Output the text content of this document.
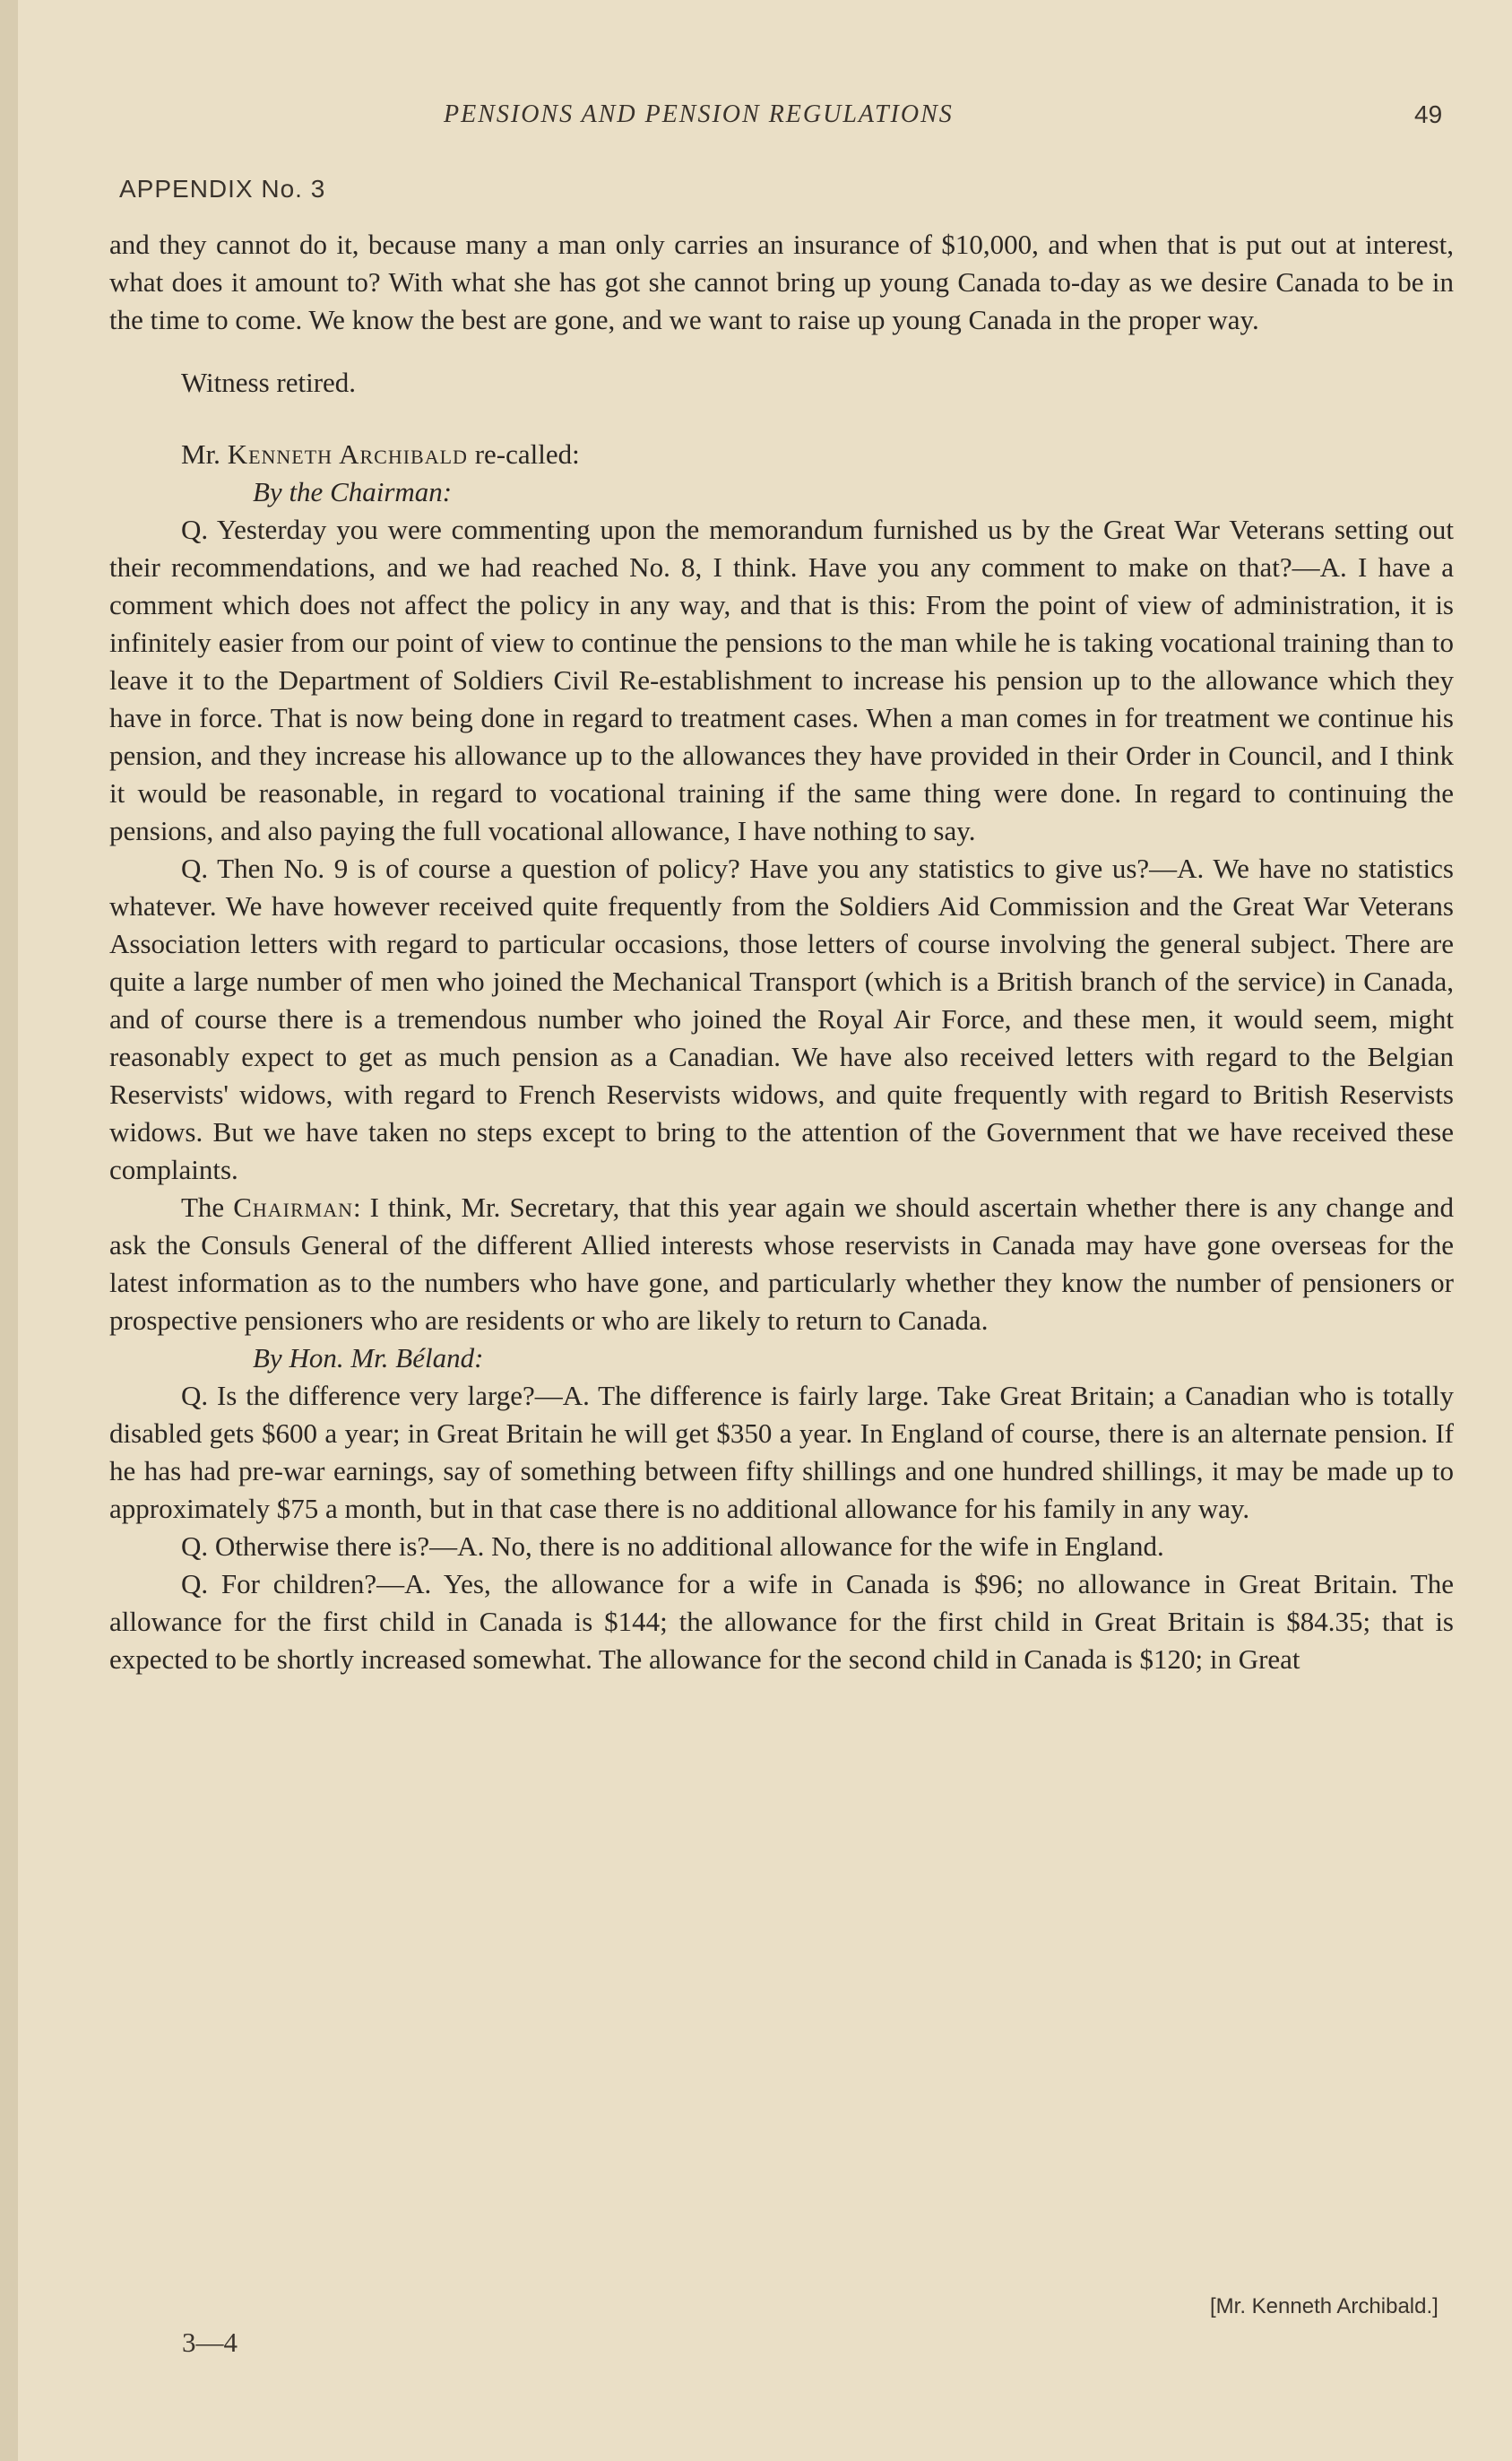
PENSIONS AND PENSION REGULATIONS	49
APPENDIX No. 3

and they cannot do it, because many a man only carries an insurance of $10,000, and when that is put out at interest, what does it amount to? With what she has got she cannot bring up young Canada to-day as we desire Canada to be in the time to come. We know the best are gone, and we want to raise up young Canada in the proper way.

Witness retired.

Mr. Kenneth Archibald re-called:

By the Chairman:

Q. Yesterday you were commenting upon the memorandum furnished us by the Great War Veterans setting out their recommendations, and we had reached No. 8, I think. Have you any comment to make on that?—A. I have a comment which does not affect the policy in any way, and that is this: From the point of view of administration, it is infinitely easier from our point of view to continue the pensions to the man while he is taking vocational training than to leave it to the Department of Soldiers Civil Re-establishment to increase his pension up to the allowance which they have in force. That is now being done in regard to treatment cases. When a man comes in for treatment we continue his pension, and they increase his allowance up to the allowances they have provided in their Order in Council, and I think it would be reasonable, in regard to vocational training if the same thing were done. In regard to continuing the pensions, and also paying the full vocational allowance, I have nothing to say.

Q. Then No. 9 is of course a question of policy? Have you any statistics to give us?—A. We have no statistics whatever. We have however received quite frequently from the Soldiers Aid Commission and the Great War Veterans Association letters with regard to particular occasions, those letters of course involving the general subject. There are quite a large number of men who joined the Mechanical Transport (which is a British branch of the service) in Canada, and of course there is a tremendous number who joined the Royal Air Force, and these men, it would seem, might reasonably expect to get as much pension as a Canadian. We have also received letters with regard to the Belgian Reservists' widows, with regard to French Reservists widows, and quite frequently with regard to British Reservists widows. But we have taken no steps except to bring to the attention of the Government that we have received these complaints.

The Chairman: I think, Mr. Secretary, that this year again we should ascertain whether there is any change and ask the Consuls General of the different Allied interests whose reservists in Canada may have gone overseas for the latest information as to the numbers who have gone, and particularly whether they know the number of pensioners or prospective pensioners who are residents or who are likely to return to Canada.

By Hon. Mr. Béland:

Q. Is the difference very large?—A. The difference is fairly large. Take Great Britain; a Canadian who is totally disabled gets $600 a year; in Great Britain he will get $350 a year. In England of course, there is an alternate pension. If he has had pre-war earnings, say of something between fifty shillings and one hundred shillings, it may be made up to approximately $75 a month, but in that case there is no additional allowance for his family in any way.

Q. Otherwise there is?—A. No, there is no additional allowance for the wife in England.

Q. For children?—A. Yes, the allowance for a wife in Canada is $96; no allowance in Great Britain. The allowance for the first child in Canada is $144; the allowance for the first child in Great Britain is $84.35; that is expected to be shortly increased somewhat. The allowance for the second child in Canada is $120; in Great

[Mr. Kenneth Archibald.]
3—4
